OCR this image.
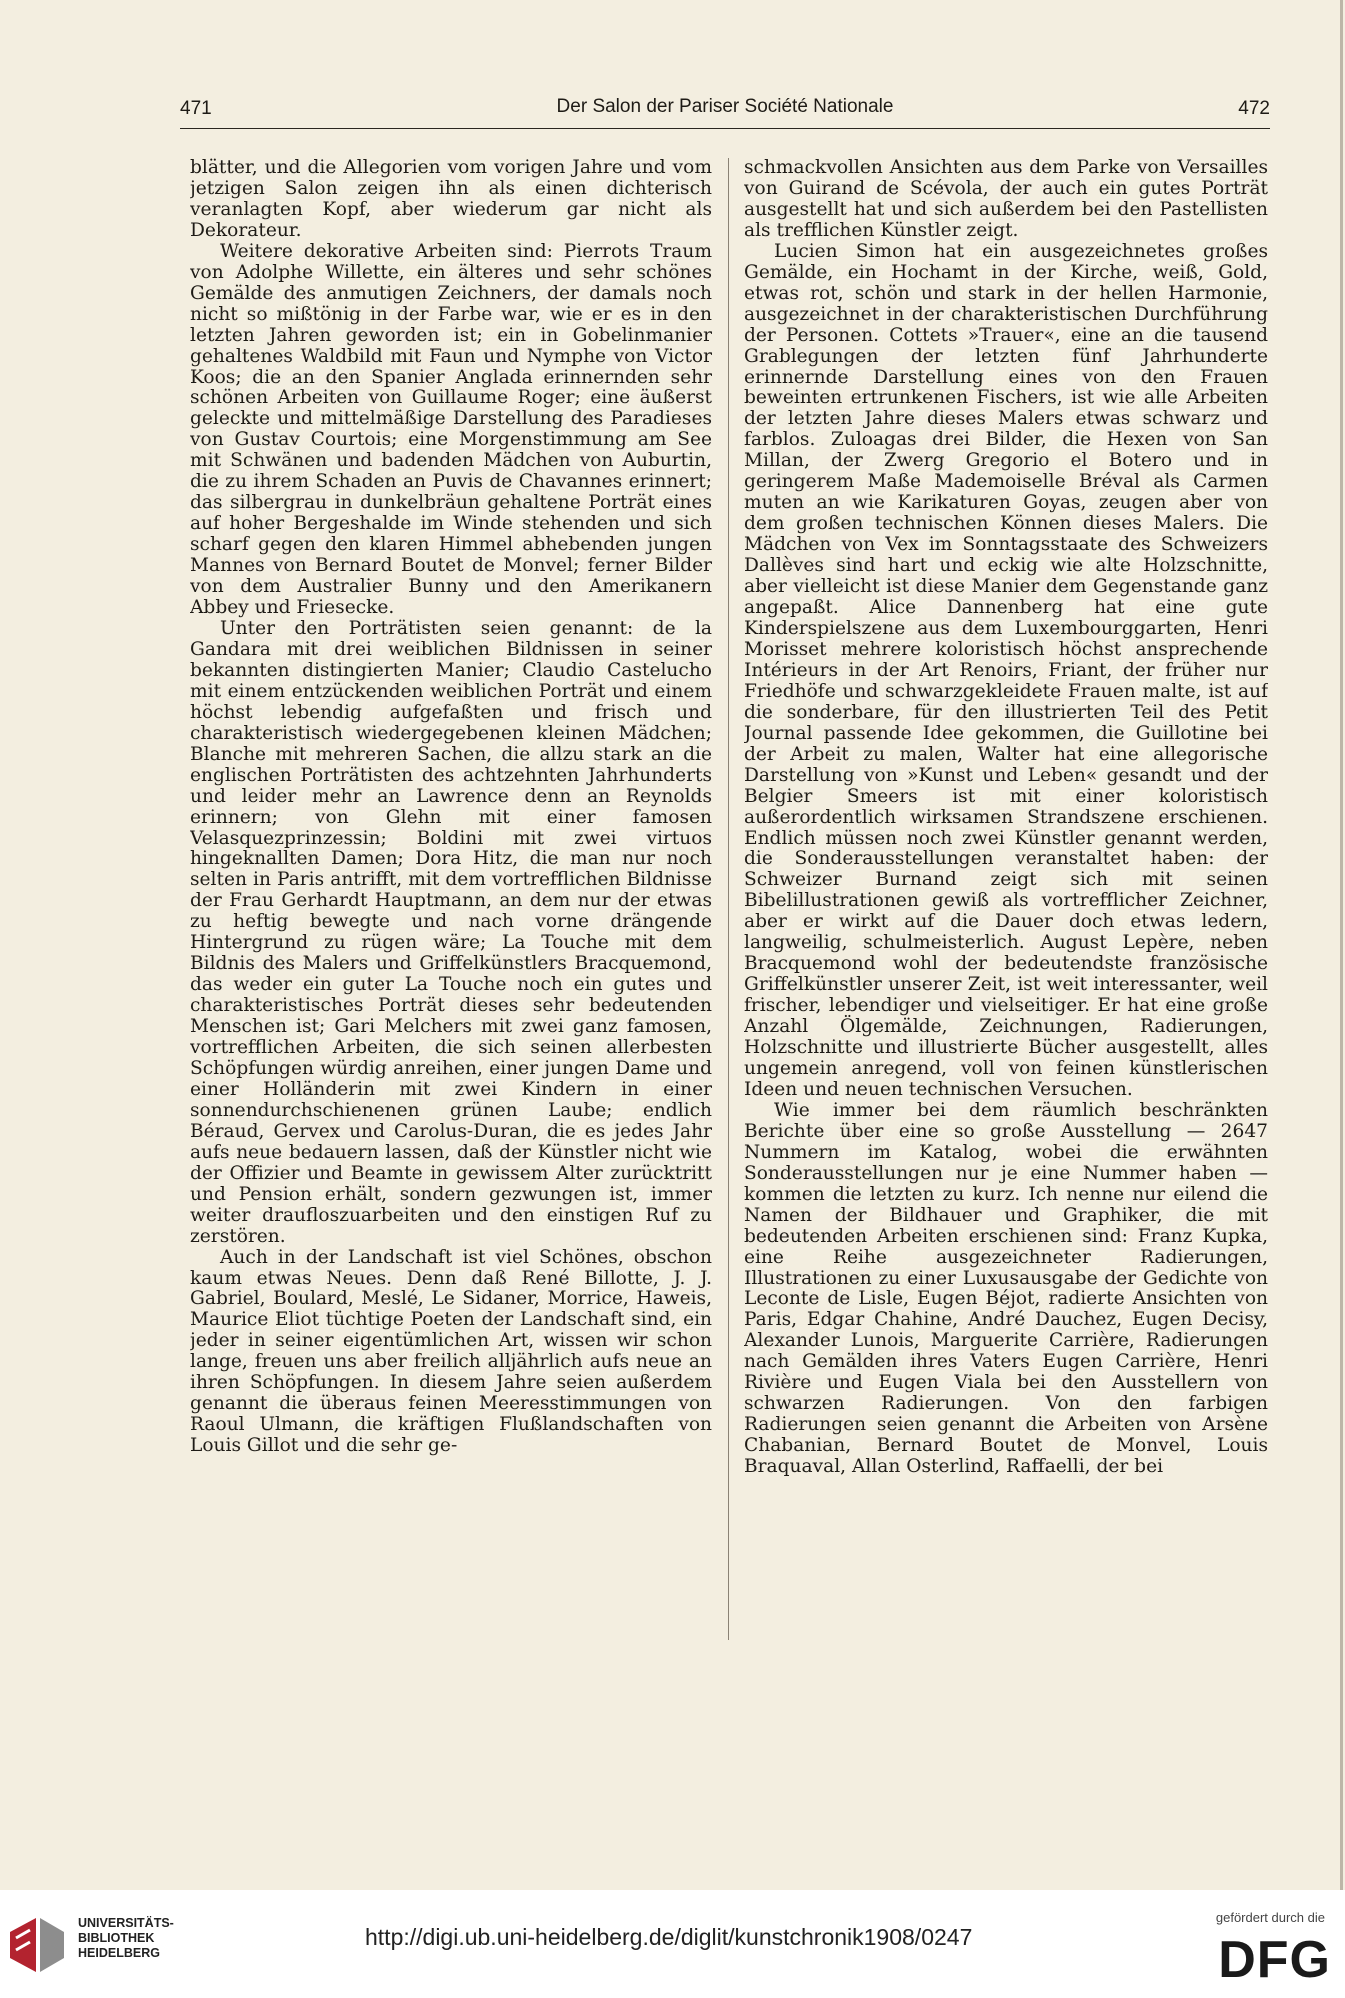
471	Der Salon der Pariser Société Nationale	472

blätter, und die Allegorien vom vorigen Jahre und vom jetzigen Salon zeigen ihn als einen dichterisch veranlagten Kopf, aber wiederum gar nicht als Dekorateur.

Weitere dekorative Arbeiten sind: Pierrots Traum von Adolphe Willette, ein älteres und sehr schönes Gemälde des anmutigen Zeichners, der damals noch nicht so mißtönig in der Farbe war, wie er es in den letzten Jahren geworden ist; ein in Gobelinmanier gehaltenes Waldbild mit Faun und Nymphe von Victor Koos; die an den Spanier Anglada erinnernden sehr schönen Arbeiten von Guillaume Roger; eine äußerst geleckte und mittelmäßige Darstellung des Paradieses von Gustav Courtois; eine Morgenstimmung am See mit Schwänen und badenden Mädchen von Auburtin, die zu ihrem Schaden an Puvis de Chavannes erinnert; das silbergrau in dunkelbräun gehaltene Porträt eines auf hoher Bergeshalde im Winde stehenden und sich scharf gegen den klaren Himmel abhebenden jungen Mannes von Bernard Boutet de Monvel; ferner Bilder von dem Australier Bunny und den Amerikanern Abbey und Friesecke.

Unter den Porträtisten seien genannt: de la Gandara mit drei weiblichen Bildnissen in seiner bekannten distingierten Manier; Claudio Castelucho mit einem entzückenden weiblichen Porträt und einem höchst lebendig aufgefaßten und frisch und charakteristisch wiedergegebenen kleinen Mädchen; Blanche mit mehreren Sachen, die allzu stark an die englischen Porträtisten des achtzehnten Jahrhunderts und leider mehr an Lawrence denn an Reynolds erinnern; von Glehn mit einer famosen Velasquezprinzessin; Boldini mit zwei virtuos hingeknallten Damen; Dora Hitz, die man nur noch selten in Paris antrifft, mit dem vortrefflichen Bildnisse der Frau Gerhardt Hauptmann, an dem nur der etwas zu heftig bewegte und nach vorne drängende Hintergrund zu rügen wäre; La Touche mit dem Bildnis des Malers und Griffelkünstlers Bracquemond, das weder ein guter La Touche noch ein gutes und charakteristisches Porträt dieses sehr bedeutenden Menschen ist; Gari Melchers mit zwei ganz famosen, vortrefflichen Arbeiten, die sich seinen allerbesten Schöpfungen würdig anreihen, einer jungen Dame und einer Holländerin mit zwei Kindern in einer sonnendurchschienenen grünen Laube; endlich Béraud, Gervex und Carolus-Duran, die es jedes Jahr aufs neue bedauern lassen, daß der Künstler nicht wie der Offizier und Beamte in gewissem Alter zurücktritt und Pension erhält, sondern gezwungen ist, immer weiter draufloszuarbeiten und den einstigen Ruf zu zerstören.

Auch in der Landschaft ist viel Schönes, obschon kaum etwas Neues. Denn daß René Billotte, J. J. Gabriel, Boulard, Meslé, Le Sidaner, Morrice, Haweis, Maurice Eliot tüchtige Poeten der Landschaft sind, ein jeder in seiner eigentümlichen Art, wissen wir schon lange, freuen uns aber freilich alljährlich aufs neue an ihren Schöpfungen. In diesem Jahre seien außerdem genannt die überaus feinen Meeresstimmungen von Raoul Ulmann, die kräftigen Flußlandschaften von Louis Gillot und die sehr ge-

schmackvollen Ansichten aus dem Parke von Versailles von Guirand de Scévola, der auch ein gutes Porträt ausgestellt hat und sich außerdem bei den Pastellisten als trefflichen Künstler zeigt.

Lucien Simon hat ein ausgezeichnetes großes Gemälde, ein Hochamt in der Kirche, weiß, Gold, etwas rot, schön und stark in der hellen Harmonie, ausgezeichnet in der charakteristischen Durchführung der Personen. Cottets »Trauer«, eine an die tausend Grablegungen der letzten fünf Jahrhunderte erinnernde Darstellung eines von den Frauen beweinten ertrunkenen Fischers, ist wie alle Arbeiten der letzten Jahre dieses Malers etwas schwarz und farblos. Zuloagas drei Bilder, die Hexen von San Millan, der Zwerg Gregorio el Botero und in geringerem Maße Mademoiselle Bréval als Carmen muten an wie Karikaturen Goyas, zeugen aber von dem großen technischen Können dieses Malers. Die Mädchen von Vex im Sonntagsstaate des Schweizers Dallèves sind hart und eckig wie alte Holzschnitte, aber vielleicht ist diese Manier dem Gegenstande ganz angepaßt. Alice Dannenberg hat eine gute Kinderspielszene aus dem Luxembourggarten, Henri Morisset mehrere koloristisch höchst ansprechende Intérieurs in der Art Renoirs, Friant, der früher nur Friedhöfe und schwarzgekleidete Frauen malte, ist auf die sonderbare, für den illustrierten Teil des Petit Journal passende Idee gekommen, die Guillotine bei der Arbeit zu malen, Walter hat eine allegorische Darstellung von »Kunst und Leben« gesandt und der Belgier Smeers ist mit einer koloristisch außerordentlich wirksamen Strandszene erschienen. Endlich müssen noch zwei Künstler genannt werden, die Sonderausstellungen veranstaltet haben: der Schweizer Burnand zeigt sich mit seinen Bibelillustrationen gewiß als vortrefflicher Zeichner, aber er wirkt auf die Dauer doch etwas ledern, langweilig, schulmeisterlich. August Lepère, neben Bracquemond wohl der bedeutendste französische Griffelkünstler unserer Zeit, ist weit interessanter, weil frischer, lebendiger und vielseitiger. Er hat eine große Anzahl Ölgemälde, Zeichnungen, Radierungen, Holzschnitte und illustrierte Bücher ausgestellt, alles ungemein anregend, voll von feinen künstlerischen Ideen und neuen technischen Versuchen.

Wie immer bei dem räumlich beschränkten Berichte über eine so große Ausstellung — 2647 Nummern im Katalog, wobei die erwähnten Sonderausstellungen nur je eine Nummer haben — kommen die letzten zu kurz. Ich nenne nur eilend die Namen der Bildhauer und Graphiker, die mit bedeutenden Arbeiten erschienen sind: Franz Kupka, eine Reihe ausgezeichneter Radierungen, Illustrationen zu einer Luxusausgabe der Gedichte von Leconte de Lisle, Eugen Béjot, radierte Ansichten von Paris, Edgar Chahine, André Dauchez, Eugen Decisy, Alexander Lunois, Marguerite Carrière, Radierungen nach Gemälden ihres Vaters Eugen Carrière, Henri Rivière und Eugen Viala bei den Ausstellern von schwarzen Radierungen. Von den farbigen Radierungen seien genannt die Arbeiten von Arsène Chabanian, Bernard Boutet de Monvel, Louis Braquaval, Allan Osterlind, Raffaelli, der bei

UNIVERSITÄTS-
BIBLIOTHEK
HEIDELBERG
http://digi.ub.uni-heidelberg.de/diglit/kunstchronik1908/0247
gefördert durch die
DFG
